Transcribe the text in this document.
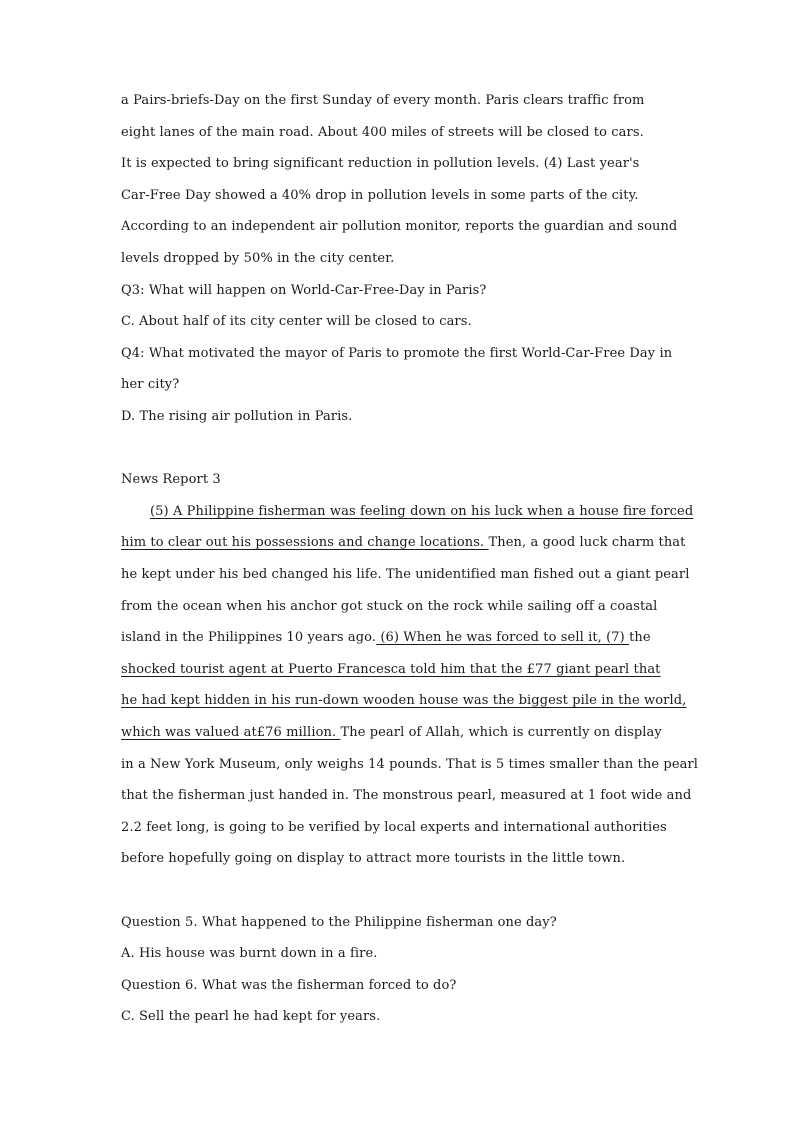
a Pairs-briefs-Day on the first Sunday of every month. Paris clears traffic from
eight lanes of the main road. About 400 miles of streets will be closed to cars.
It is expected to bring significant reduction in pollution levels. (4) Last year's
Car-Free Day showed a 40% drop in pollution levels in some parts of the city.
According to an independent air pollution monitor, reports the guardian and sound
levels dropped by 50% in the city center.
Q3: What will happen on World-Car-Free-Day in Paris?
C. About half of its city center will be closed to cars.
Q4: What motivated the mayor of Paris to promote the first World-Car-Free Day in
her city?
D. The rising air pollution in Paris.
News Report 3
(5) A Philippine fisherman was feeling down on his luck when a house fire forced
him to clear out his possessions and change locations. Then, a good luck charm that
he kept under his bed changed his life. The unidentified man fished out a giant pearl
from the ocean when his anchor got stuck on the rock while sailing off a coastal
island in the Philippines 10 years ago. (6) When he was forced to sell it, (7) the
shocked tourist agent at Puerto Francesca told him that the £77 giant pearl that
he had kept hidden in his run-down wooden house was the biggest pile in the world,
which was valued at£76 million. The pearl of Allah, which is currently on display
in a New York Museum, only weighs 14 pounds. That is 5 times smaller than the pearl
that the fisherman just handed in. The monstrous pearl, measured at 1 foot wide and
2.2 feet long, is going to be verified by local experts and international authorities
before hopefully going on display to attract more tourists in the little town.
Question 5. What happened to the Philippine fisherman one day?
A. His house was burnt down in a fire.
Question 6. What was the fisherman forced to do?
C. Sell the pearl he had kept for years.
